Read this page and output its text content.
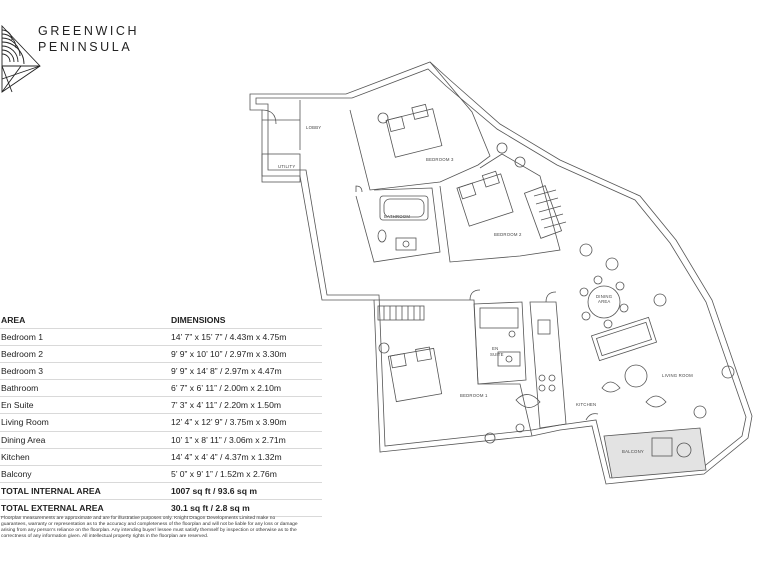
GREENWICH
PENINSULA
LOBBY
UTILITY
BEDROOM 3
BATHROOM
BEDROOM 2
DINING
AREA
EN
SUITE
BEDROOM 1
KITCHEN
LIVING ROOM
BALCONY
AREA	DIMENSIONS
Bedroom 1	14’ 7” x 15’ 7” / 4.43m x 4.75m
Bedroom 2	9’ 9” x 10’ 10” / 2.97m x 3.30m
Bedroom 3	9’ 9” x 14’ 8” / 2.97m x 4.47m
Bathroom	6’ 7” x 6’ 11” / 2.00m x 2.10m
En Suite	7’ 3” x 4’ 11” / 2.20m x 1.50m
Living Room	12’ 4” x 12’ 9” / 3.75m x 3.90m
Dining Area	10’ 1” x 8’ 11” / 3.06m x 2.71m
Kitchen	14’ 4” x 4’ 4” / 4.37m x 1.32m
Balcony	5’ 0” x 9’ 1” / 1.52m x 2.76m
TOTAL INTERNAL AREA	1007 sq ft / 93.6 sq m
TOTAL EXTERNAL AREA	30.1 sq ft / 2.8 sq m
Floorplan measurements are approximate and are for illustrative purposes only. Knight Dragon Developments Limited make no guarantees, warranty or representation as to the accuracy and completeness of the floorplan and will not be liable for any loss or damage arising from any person’s reliance on the floorplan. Any intending buyer/ lessee must satisfy themself by inspection or otherwise as to the correctness of any information given. All intellectual property rights in the floorplan are reserved.
